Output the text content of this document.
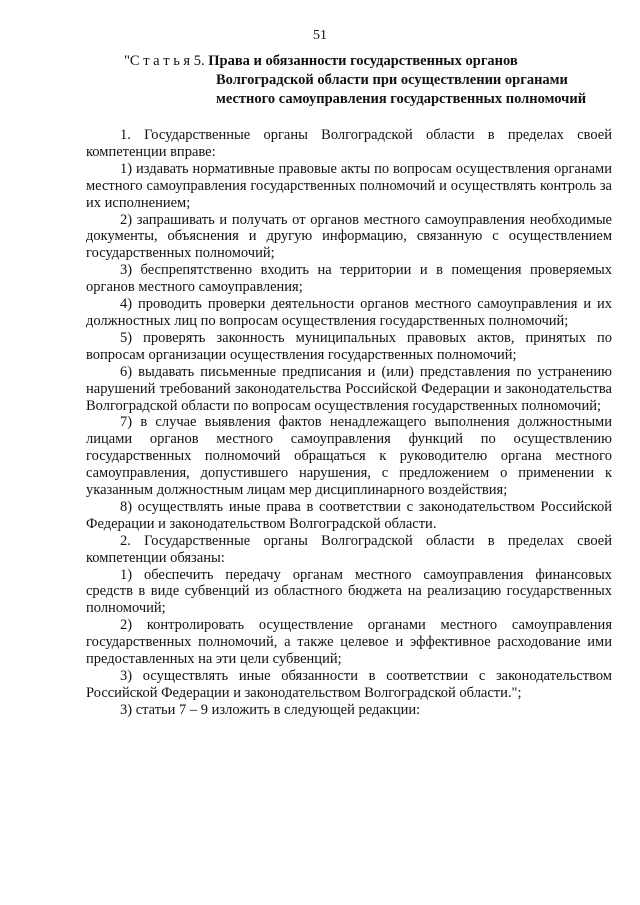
51
"С т а т ь я 5. Права и обязанности государственных органов
Волгоградской области при осуществлении органами
местного самоуправления государственных полномочий

1. Государственные органы Волгоградской области в пределах своей компетенции вправе:

1) издавать нормативные правовые акты по вопросам осуществления органами местного самоуправления государственных полномочий и осуществлять контроль за их исполнением;

2) запрашивать и получать от органов местного самоуправления необходимые документы, объяснения и другую информацию, связанную с осуществлением государственных полномочий;

3) беспрепятственно входить на территории и в помещения проверяемых органов местного самоуправления;

4) проводить проверки деятельности органов местного самоуправления и их должностных лиц по вопросам осуществления государственных полномочий;

5) проверять законность муниципальных правовых актов, принятых по вопросам организации осуществления государственных полномочий;

6) выдавать письменные предписания и (или) представления по устранению нарушений требований законодательства Российской Федерации и законодательства Волгоградской области по вопросам осуществления государственных полномочий;

7) в случае выявления фактов ненадлежащего выполнения должностными лицами органов местного самоуправления функций по осуществлению государственных полномочий обращаться к руководителю органа местного самоуправления, допустившего нарушения, с предложением о применении к указанным должностным лицам мер дисциплинарного воздействия;

8) осуществлять иные права в соответствии с законодательством Российской Федерации и законодательством Волгоградской области.

2. Государственные органы Волгоградской области в пределах своей компетенции обязаны:

1) обеспечить передачу органам местного самоуправления финансовых средств в виде субвенций из областного бюджета на реализацию государственных полномочий;

2) контролировать осуществление органами местного самоуправления государственных полномочий, а также целевое и эффективное расходование ими предоставленных на эти цели субвенций;

3) осуществлять иные обязанности в соответствии с законодательством Российской Федерации и законодательством Волгоградской области.";

3) статьи 7 – 9 изложить в следующей редакции:
